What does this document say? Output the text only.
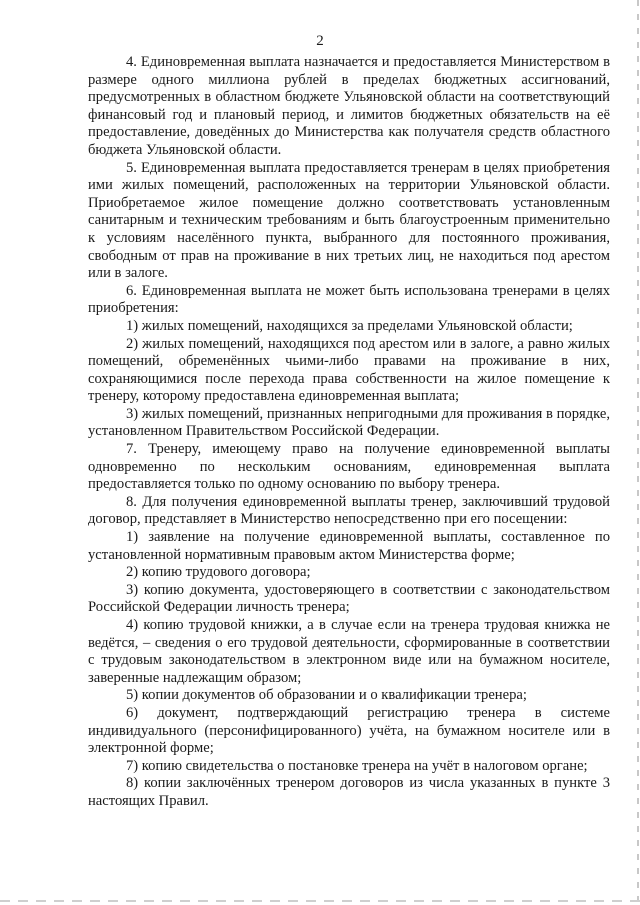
2

4. Единовременная выплата назначается и предоставляется Министерством в размере одного миллиона рублей в пределах бюджетных ассигнований, предусмотренных в областном бюджете Ульяновской области на соответствующий финансовый год и плановый период, и лимитов бюджетных обязательств на её предоставление, доведённых до Министерства как получателя средств областного бюджета Ульяновской области.

5. Единовременная выплата предоставляется тренерам в целях приобретения ими жилых помещений, расположенных на территории Ульяновской области. Приобретаемое жилое помещение должно соответствовать установленным санитарным и техническим требованиям и быть благоустроенным применительно к условиям населённого пункта, выбранного для постоянного проживания, свободным от прав на проживание в них третьих лиц, не находиться под арестом или в залоге.

6. Единовременная выплата не может быть использована тренерами в целях приобретения:

1) жилых помещений, находящихся за пределами Ульяновской области;

2) жилых помещений, находящихся под арестом или в залоге, а равно жилых помещений, обременённых чьими-либо правами на проживание в них, сохраняющимися после перехода права собственности на жилое помещение к тренеру, которому предоставлена единовременная выплата;

3) жилых помещений, признанных непригодными для проживания в порядке, установленном Правительством Российской Федерации.

7. Тренеру, имеющему право на получение единовременной выплаты одновременно по нескольким основаниям, единовременная выплата предоставляется только по одному основанию по выбору тренера.

8. Для получения единовременной выплаты тренер, заключивший трудовой договор, представляет в Министерство непосредственно при его посещении:

1) заявление на получение единовременной выплаты, составленное по установленной нормативным правовым актом Министерства форме;

2) копию трудового договора;

3) копию документа, удостоверяющего в соответствии с законодательством Российской Федерации личность тренера;

4) копию трудовой книжки, а в случае если на тренера трудовая книжка не ведётся, – сведения о его трудовой деятельности, сформированные в соответствии с трудовым законодательством в электронном виде или на бумажном носителе, заверенные надлежащим образом;

5) копии документов об образовании и о квалификации тренера;

6) документ, подтверждающий регистрацию тренера в системе индивидуального (персонифицированного) учёта, на бумажном носителе или в электронной форме;

7) копию свидетельства о постановке тренера на учёт в налоговом органе;

8) копии заключённых тренером договоров из числа указанных в пункте 3 настоящих Правил.
